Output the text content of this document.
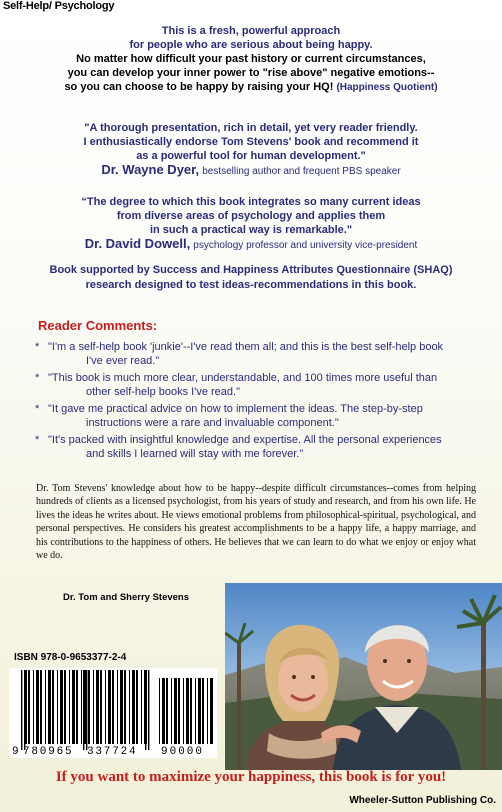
Self-Help/ Psychology
This is a fresh, powerful approach
for people who are serious about being happy.
No matter how difficult your past history or current circumstances,
you can develop your inner power to "rise above" negative emotions--
so you can choose to be happy by raising your HQ! (Happiness Quotient)
"A thorough presentation, rich in detail, yet very reader friendly.
I enthusiastically endorse Tom Stevens' book and recommend it
as a powerful tool for human development."
Dr. Wayne Dyer, bestselling author and frequent PBS speaker
“The degree to which this book integrates so many current ideas
from diverse areas of psychology and applies them
in such a practical way is remarkable."
Dr. David Dowell, psychology professor and university vice-president
Book supported by Success and Happiness Attributes Questionnaire (SHAQ)
research designed to test ideas-recommendations in this book.
Reader Comments:
* "I'm a self-help book 'junkie'--I've read them all; and this is the best self-help book
I've ever read."
* "This book is much more clear, understandable, and 100 times more useful than
other self-help books I've read."
* "It gave me practical advice on how to implement the ideas. The step-by-step
instructions were a rare and invaluable component."
* "It's packed with insightful knowledge and expertise. All the personal experiences
and skills I learned will stay with me forever."
Dr. Tom Stevens' knowledge about how to be happy--despite difficult circumstances--comes from helping hundreds of clients as a licensed psychologist, from his years of study and research, and from his own life. He lives the ideas he writes about. He views emotional problems from philosophical-spiritual, psychological, and personal perspectives. He considers his greatest accomplishments to be a happy life, a happy marriage, and his contributions to the happiness of others. He believes that we can learn to do what we enjoy or enjoy what we do.
Dr. Tom and Sherry Stevens
ISBN 978-0-9653377-2-4
9 780965 337724 90000
If you want to maximize your happiness, this book is for you!
Wheeler-Sutton Publishing Co.
